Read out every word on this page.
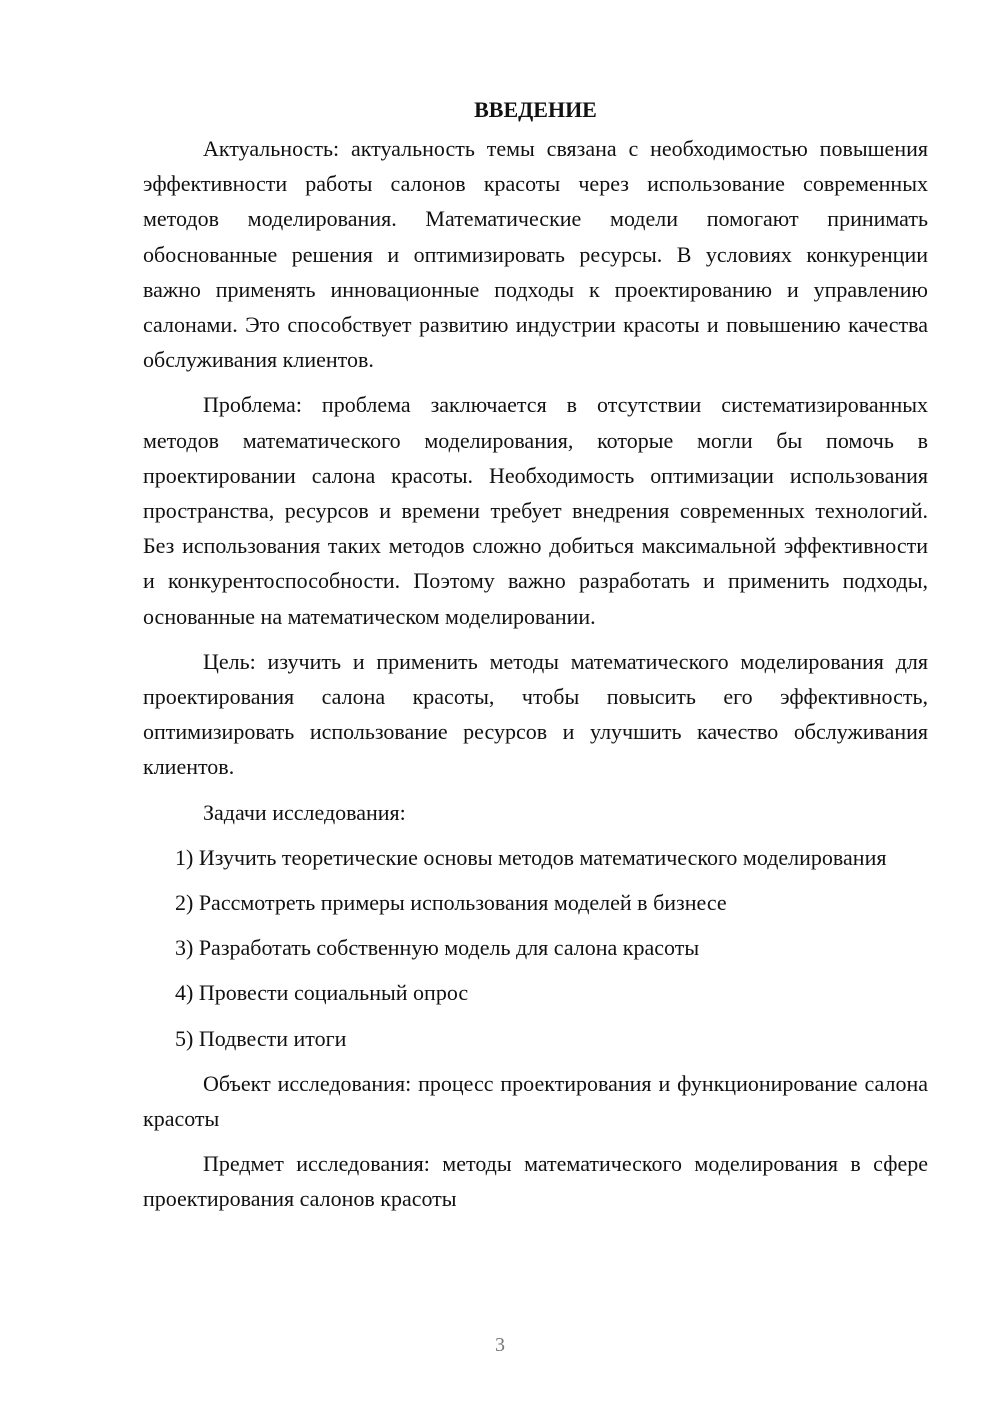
ВВЕДЕНИЕ

Актуальность: актуальность темы связана с необходимостью повышения эффективности работы салонов красоты через использование современных методов моделирования. Математические модели помогают принимать обоснованные решения и оптимизировать ресурсы. В условиях конкуренции важно применять инновационные подходы к проектированию и управлению салонами. Это способствует развитию индустрии красоты и повышению качества обслуживания клиентов.

Проблема: проблема заключается в отсутствии систематизированных методов математического моделирования, которые могли бы помочь в проектировании салона красоты. Необходимость оптимизации использования пространства, ресурсов и времени требует внедрения современных технологий. Без использования таких методов сложно добиться максимальной эффективности и конкурентоспособности. Поэтому важно разработать и применить подходы, основанные на математическом моделировании.

Цель: изучить и применить методы математического моделирования для проектирования салона красоты, чтобы повысить его эффективность, оптимизировать использование ресурсов и улучшить качество обслуживания клиентов.

Задачи исследования:

1) Изучить теоретические основы методов математического моделирования

2) Рассмотреть примеры использования моделей в бизнесе

3) Разработать собственную модель для салона красоты

4) Провести социальный опрос

5) Подвести итоги

Объект исследования: процесс проектирования и функционирование салона красоты

Предмет исследования: методы математического моделирования в сфере проектирования салонов красоты

3
